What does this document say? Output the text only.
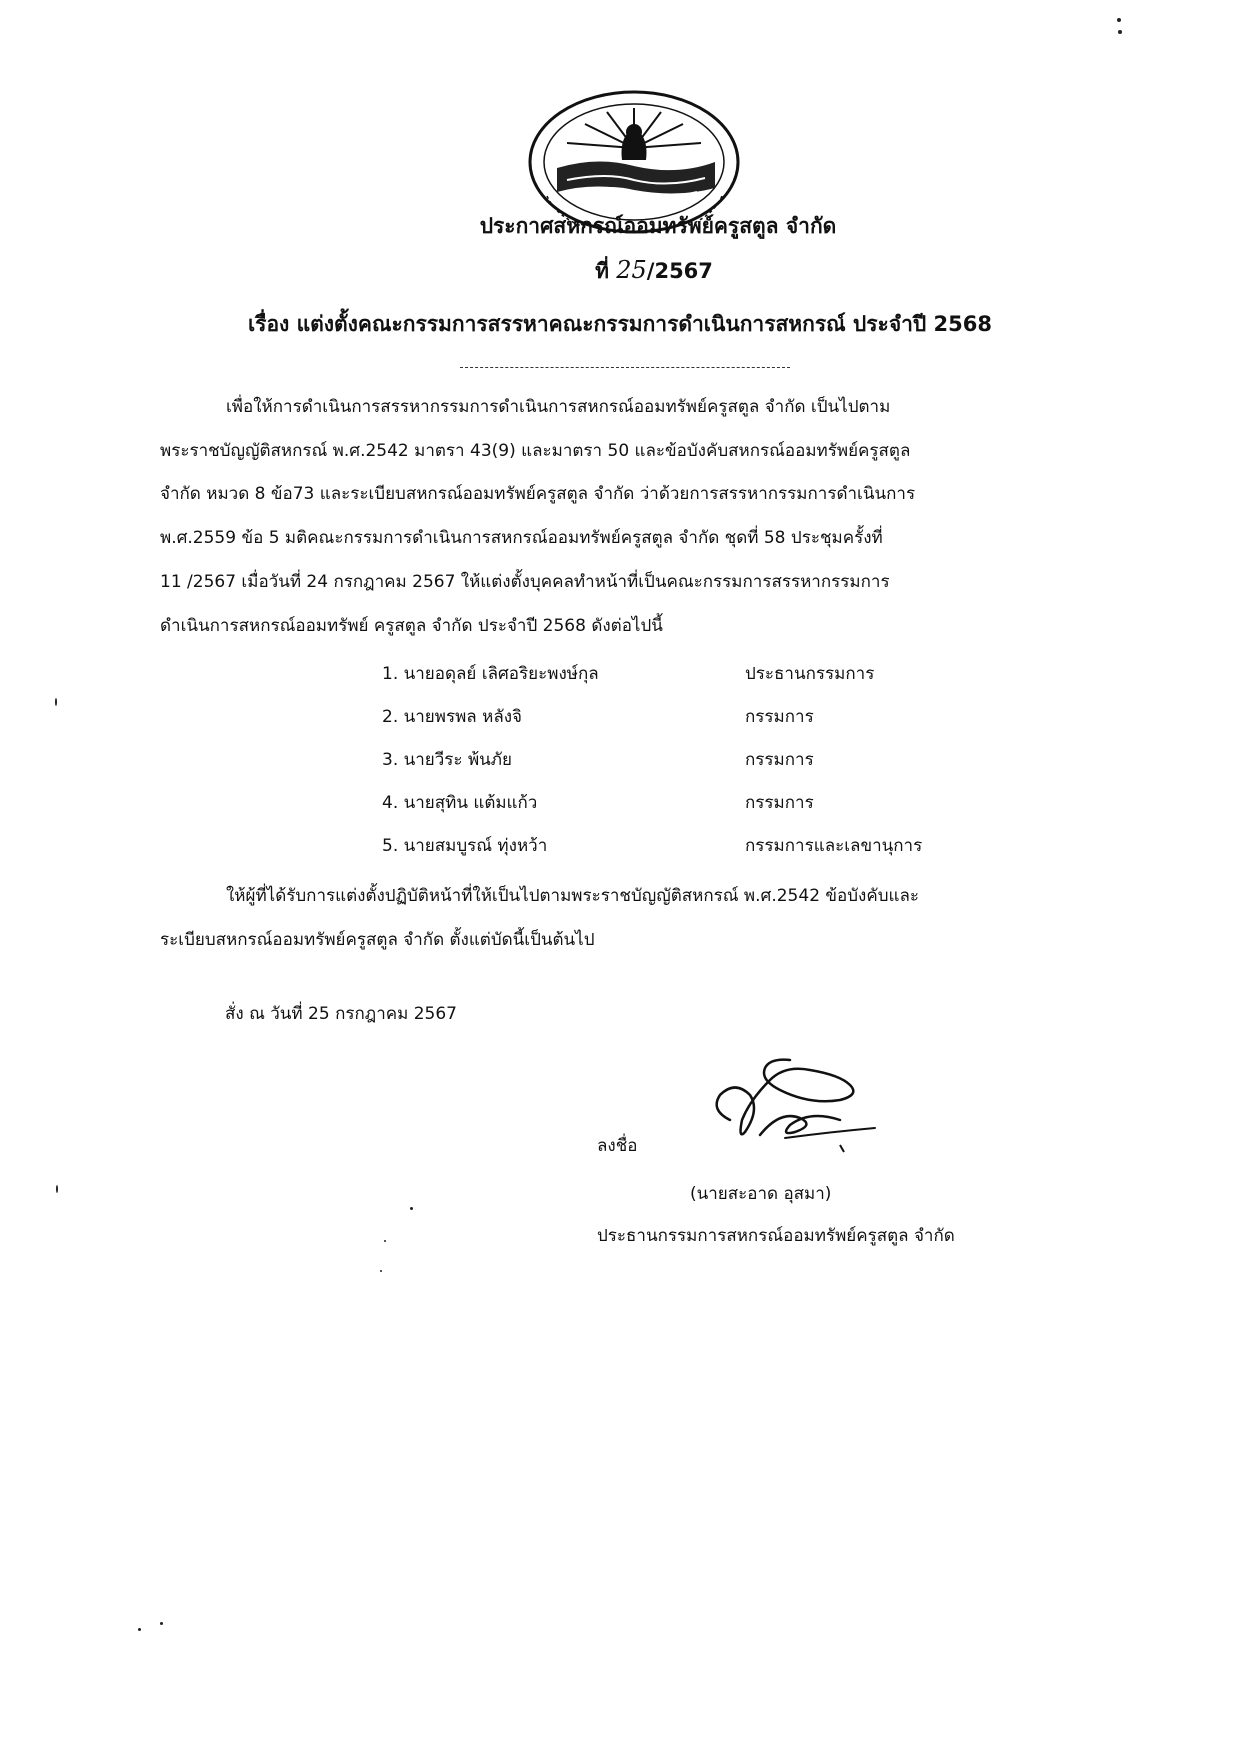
ประกาศสหกรณ์ออมทรัพย์ครูสตูล จำกัด
ที่ 25/2567
เรื่อง แต่งตั้งคณะกรรมการสรรหาคณะกรรมการดำเนินการสหกรณ์ ประจำปี 2568

เพื่อให้การดำเนินการสรรหากรรมการดำเนินการสหกรณ์ออมทรัพย์ครูสตูล จำกัด เป็นไปตาม

พระราชบัญญัติสหกรณ์ พ.ศ.2542 มาตรา 43(9) และมาตรา 50 และข้อบังคับสหกรณ์ออมทรัพย์ครูสตูล

จำกัด หมวด 8 ข้อ73 และระเบียบสหกรณ์ออมทรัพย์ครูสตูล จำกัด ว่าด้วยการสรรหากรรมการดำเนินการ

พ.ศ.2559 ข้อ 5 มติคณะกรรมการดำเนินการสหกรณ์ออมทรัพย์ครูสตูล จำกัด ชุดที่ 58 ประชุมครั้งที่

11 /2567 เมื่อวันที่ 24 กรกฎาคม 2567 ให้แต่งตั้งบุคคลทำหน้าที่เป็นคณะกรรมการสรรหากรรมการ

ดำเนินการสหกรณ์ออมทรัพย์ ครูสตูล จำกัด ประจำปี 2568 ดังต่อไปนี้

1. นายอดุลย์ เลิศอริยะพงษ์กุล	ประธานกรรมการ
2. นายพรพล หลังจิ	กรรมการ
3. นายวีระ พ้นภัย	กรรมการ
4. นายสุทิน แต้มแก้ว	กรรมการ
5. นายสมบูรณ์ ทุ่งหว้า	กรรมการและเลขานุการ

ให้ผู้ที่ได้รับการแต่งตั้งปฏิบัติหน้าที่ให้เป็นไปตามพระราชบัญญัติสหกรณ์ พ.ศ.2542 ข้อบังคับและ

ระเบียบสหกรณ์ออมทรัพย์ครูสตูล จำกัด ตั้งแต่บัดนี้เป็นต้นไป

สั่ง ณ วันที่ 25 กรกฎาคม 2567
ลงชื่อ
(นายสะอาด อุสมา)
ประธานกรรมการสหกรณ์ออมทรัพย์ครูสตูล จำกัด
